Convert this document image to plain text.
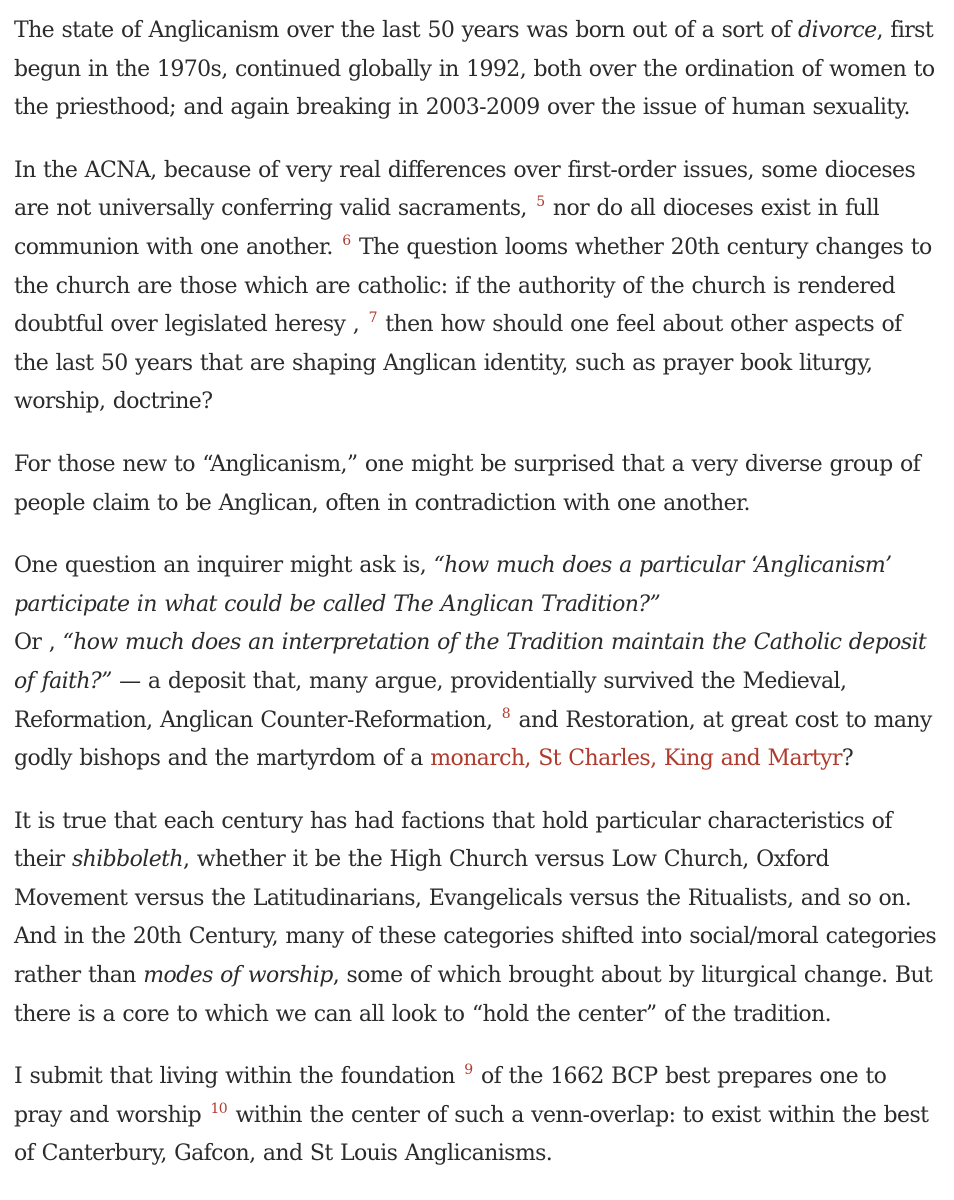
The state of Anglicanism over the last 50 years was born out of a sort of divorce, first begun in the 1970s, continued globally in 1992, both over the ordination of women to the priesthood; and again breaking in 2003-2009 over the issue of human sexuality.

In the ACNA, because of very real differences over first-order issues, some dioceses are not universally conferring valid sacraments, $^5$ nor do all dioceses exist in full communion with one another. $^6$ The question looms whether 20th century changes to the church are those which are catholic: if the authority of the church is rendered doubtful over legislated heresy , $^7$ then how should one feel about other aspects of the last 50 years that are shaping Anglican identity, such as prayer book liturgy, worship, doctrine?

For those new to “Anglicanism,” one might be surprised that a very diverse group of people claim to be Anglican, often in contradiction with one another.

One question an inquirer might ask is, “how much does a particular ‘Anglicanism’ participate in what could be called The Anglican Tradition?”

Or , “how much does an interpretation of the Tradition maintain the Catholic deposit of faith?” — a deposit that, many argue, providentially survived the Medieval, Reformation, Anglican Counter-Reformation, $^8$ and Restoration, at great cost to many godly bishops and the martyrdom of a monarch, St Charles, King and Martyr?

It is true that each century has had factions that hold particular characteristics of their shibboleth, whether it be the High Church versus Low Church, Oxford Movement versus the Latitudinarians, Evangelicals versus the Ritualists, and so on. And in the 20th Century, many of these categories shifted into social/moral categories rather than modes of worship, some of which brought about by liturgical change. But there is a core to which we can all look to “hold the center” of the tradition.

I submit that living within the foundation $^9$ of the 1662 BCP best prepares one to pray and worship $^{10}$ within the center of such a venn-overlap: to exist within the best of Canterbury, Gafcon, and St Louis Anglicanisms.
